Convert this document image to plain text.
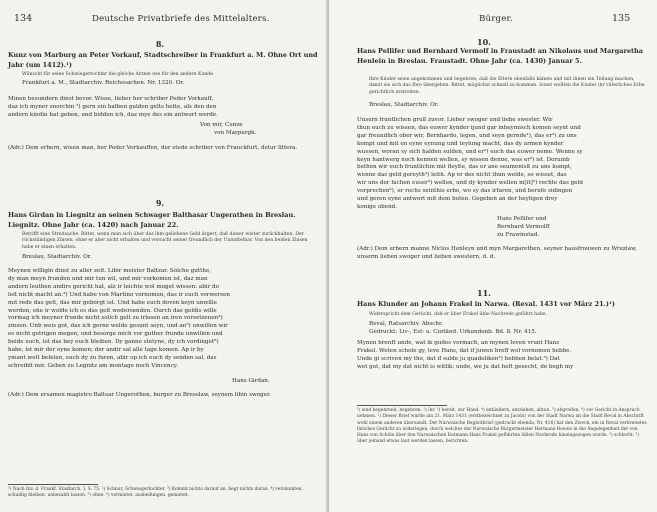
134	Deutsche Privatbriefe des Mittelalters.
8.
Kunz von Marburg an Peter Vorkauf, Stadtschreiber in Frankfurt a. M. Ohne Ort und Jahr (um 1412).¹)
Wünscht für seine Schwiegertochter die gleiche Arznei wie für den andern Kunde.
Frankfurt a. M., Stadtarchiv. Reichssachen. Nr. 1320. Or.
Minen besundern dinst bevor. Wisse, lieber her schriber Peder Vorkauff,
daz ich myner snorchin ²) gern ein halben gulden gelts hette, als den den
andern kindin hat geben, und bidden ich, daz mye des ein antwort werde.
Von mir, Cunze
von Marpurgk.
(Adr.) Dem erbern, wisen man, her Peder Vorkauffen, der stede schriber von Franckfurt, detur littera.
9.
Hans Girdan in Liegnitz an seinen Schwager Balthasar Ungerathen in Breslau. Liegnitz. Ohne Jahr (ca. 1420) nach Januar 22.
Betrifft eine Streitsache. Bittet, wenn man sich über das ihm geliehene Geld ärgert, daß dieser weiter zurückhalten. Der rückständigen Zinsen, ohne er aber nicht erhalten und versucht seiner freundlich der Unmittelbar. Von den beiden Zinsen habe er einen erhalten.
Breslau, Stadtarchiv. Or.
Meynen willigin dinst zu aller zeit. Libir meister Baltzar. Solche gutthe,
dy man meyn frunden und mir tun wil, und mir vorkomen ist, daz man
andern leuthen andirs gericht hat, alz ir leichte wol moget wissen: abir do
leit nicht macht an.³) Und habe von Martino vornomen, das ir euch vorwersen
mit rede das gelt, das mir geborgt ist. Und habe euch doven keyn unwille
werden, ehe ir wolde ich es das gelt wedersenden. Durch das geldis wille
vormag ich meyner frunde nicht solich gelt zu irlosen an iren vorsetzenen⁴)
zinsen. Unb weis got, das ich gerne welde gesunt seyn, und an⁵) unwillen wir
es nicht getrigen mogen, und besorge mich vor guther frunde unwillen und
beide euch, lot das bey euch bleiben. Dy ganne stetyne, dy ich vordinget⁶)
habe, ist mir der eyne komen; der andir sal alle tage komen. Ap ir by
ymant welt befelen, euch dy zu furen, abir op ich euch dy senden sal, das
schreibit mir. Geben zu Legnitz am montage noch Vincency.
Hans Girdan.
(Adr.) Dem ersamen magistro Baltsar Ungerothen, burger zu Bresslaw, seynem libin swoger.
¹) Nach Inv. d. Frankf. Stadtarch. I, S. 75. ²) Schnur, Schwiegertochter. ³) Kommt nichts darauf an, liegt nichts daran. ⁴) versäumten, schuldig bleiben, unbezahlt lassen. ⁵) ohne. ⁶) vermietet, ausbedungen, gemietet.
Bürger.	135
10.
Hans Pellifer und Bernhard Vermolf in Fraustadt an Nikolaus und Margaretha Henlein in Breslau. Fraustadt. Ohne Jahr (ca. 1430) Januar 5.
Ihre Kinder seien angekommen und begehren, daß die Eltern ebenfalls kämen und mit ihnen ein Teilung machen, damit sie sich das Ihre übergeben. Bittet, möglichst schnell zu kommen. Sonst wollten die Kinder ihr väterliches Erbe gerichtlich erstreiten.
Breslau, Stadtarchiv. Or.
Unsern fruntlichen gruß zuvor. Lieber swoger und liebe swester. Wir
thun euch zu wissen, das euwer kynder ijund gar inheymisch komen seynt und
gar freundlich ober wir, Bernhardo, legen, und seyn gernde¹), das er²) zu uns
kompt und mit en eyne eynung und teylung macht, das dy armen kynder
wussen, woran sy sich halden sulden, und er³) euch das euwer neme. Wenne sy
keyn hantwerg noch kennen wellen, sy wissen denne, was er³) ist. Dorumb
bethen wir euch fruntlichin mit fleyße, das er ane seumenisß zu uns kompt,
wenne das geld gereyth⁴) leith. Ap er des nicht thun welde, so wisset, das
wir uns der fachen euser⁵) wellen, und dy kynder wellen m[it]⁶) rechte das geld
vorprechen⁶), er rechs seinthis erbe, wo sy das irfaren, und berufe sidingen
und geren eyne antwort mit dem boten. Gegeben an der heyligen drey
konige obend.
Hans Pellifer und
Bernhard Vermolff
zu Frawinstad.
(Adr.) Dem erbern manne Niclos Henleyn und myn Margarethen, seyner hausfrouwen zu Wrezlaw, unserm lieben swoger und lieben swestern, d. d.
11.
Hans Klunder an Johann Frakel in Narwa. (Reval. 1431 vor März 21.)¹)
Widerspricht dem Gerücht, daß er über Frakel üble Nachrede geführt habe.
Reval, Ratsarchiv. Abschr.
Gedruckt: Liv-, Est- u. Curländ. Urkundenb. Bd. 8. Nr. 415.
Mynen brenft unde, wat ik gudes vormach, an mynen leven vrunt Hans
Frakel. Weten schole gy, leve Hans, dat if juwen breff wol vornomen hebbe.
Unde gi scriven my tho, dat if sulde ju quadeliken²) hebben belat.³) Dat
wet got, dat my dat nicht is witlik; unde, we ju dat heft gesecht, de begh my
¹) sind begehrend, begehren. ²) ihr. ³) bereit, zur Hand. ⁴) entäußern, entziehen, abtun. ⁵) abgreifen. ⁶) vor Gericht in Anspruch nehmen. ¹) Dieser Brief wurde am 21. März 1431 (erstbezeichnet zu Jacobi) von der Stadt Narwa an die Stadt Reval in Abschrift wohl einem anderen übersandt. Der Narwaische Begleitbrief (gedruckt ebenda, Nr. 416) hat den Zweck, ein in Reval verbreitetes falsches Gerücht zu widerlegen, durch welches der Narwaische Bürgermeister Hermann Bouwe in die Angelegenheit der von Hans von Schöle über den Narwaischen Ratmann Hans Frakel geführten üblen Nachrede hineingezogen wurde. ²) schlecht. ³) über jemand etwas laut werden lassen, berichten.
